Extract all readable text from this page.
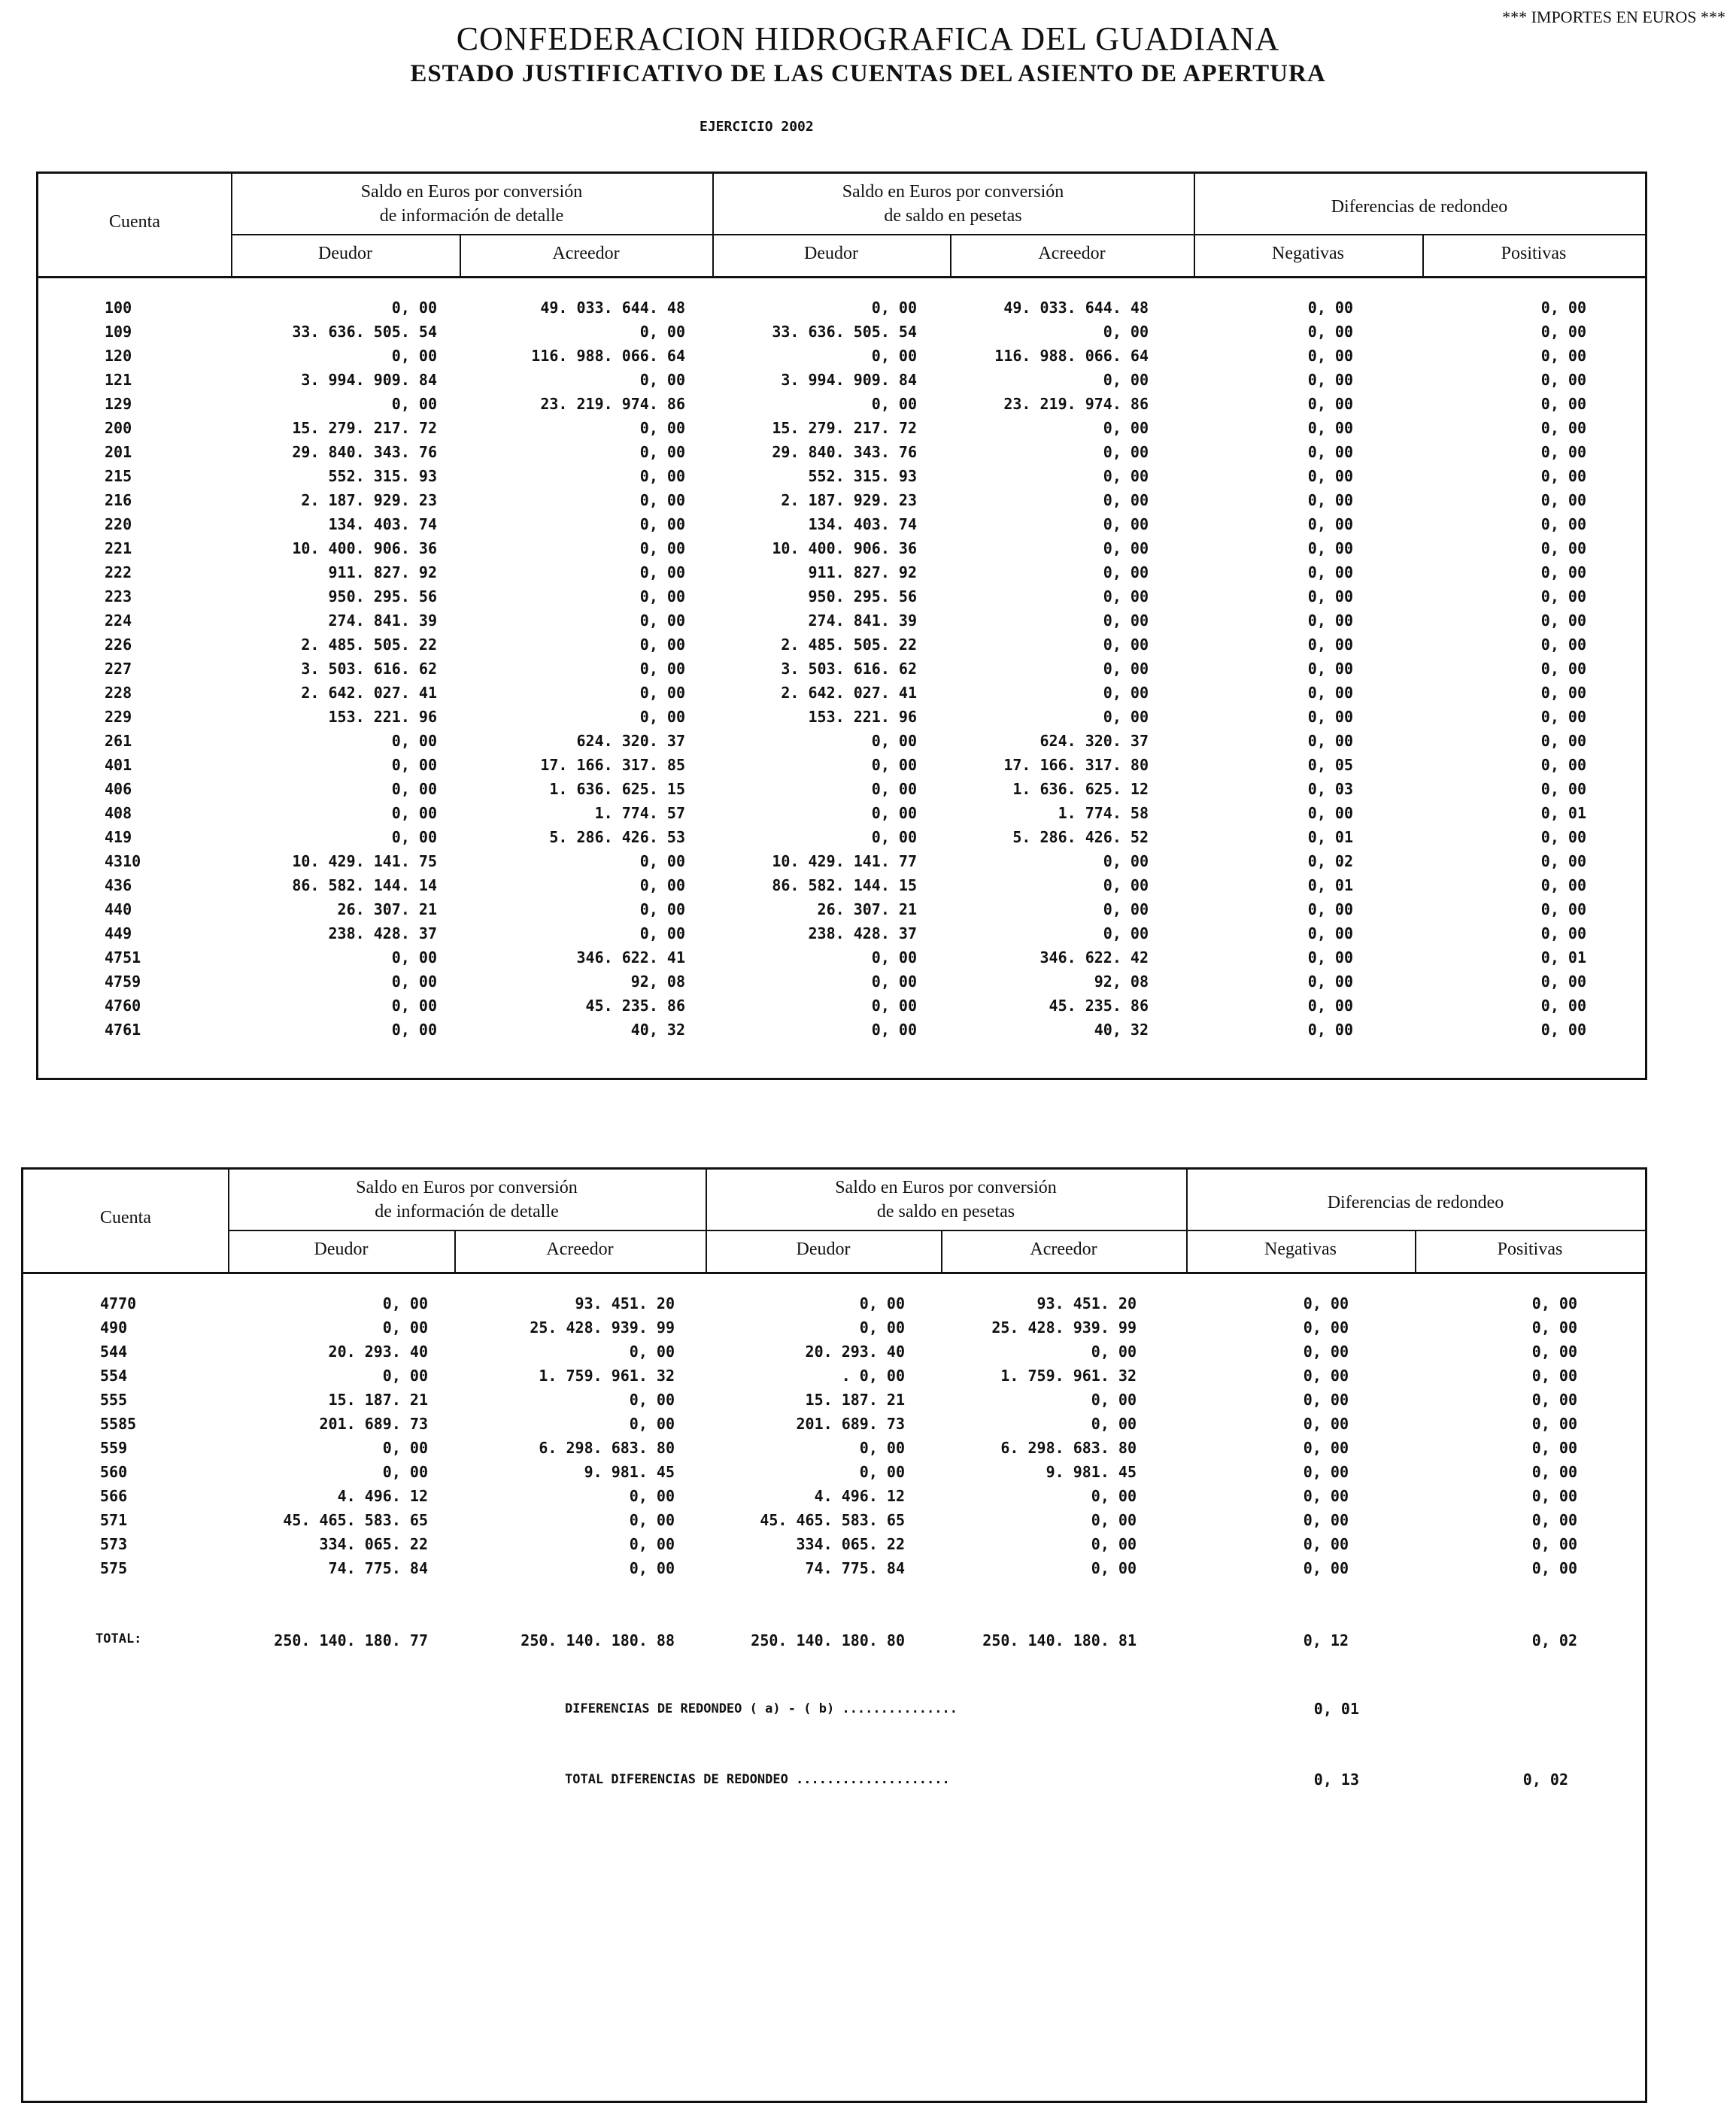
*** IMPORTES EN EUROS ***
CONFEDERACION HIDROGRAFICA DEL GUADIANA
ESTADO JUSTIFICATIVO DE LAS CUENTAS DEL ASIENTO DE APERTURA
EJERCICIO 2002
Cuenta
Saldo en Euros por conversión
de información de detalle
Saldo en Euros por conversión
de saldo en pesetas	Diferencias de redondeo
Deudor	Acreedor	Deudor	Acreedor	Negativas	Positivas
100	0, 00	49. 033. 644. 48	0, 00	49. 033. 644. 48	0, 00	0, 00
109	33. 636. 505. 54	0, 00	33. 636. 505. 54	0, 00	0, 00	0, 00
120	0, 00	116. 988. 066. 64	0, 00	116. 988. 066. 64	0, 00	0, 00
121	3. 994. 909. 84	0, 00	3. 994. 909. 84	0, 00	0, 00	0, 00
129	0, 00	23. 219. 974. 86	0, 00	23. 219. 974. 86	0, 00	0, 00
200	15. 279. 217. 72	0, 00	15. 279. 217. 72	0, 00	0, 00	0, 00
201	29. 840. 343. 76	0, 00	29. 840. 343. 76	0, 00	0, 00	0, 00
215	552. 315. 93	0, 00	552. 315. 93	0, 00	0, 00	0, 00
216	2. 187. 929. 23	0, 00	2. 187. 929. 23	0, 00	0, 00	0, 00
220	134. 403. 74	0, 00	134. 403. 74	0, 00	0, 00	0, 00
221	10. 400. 906. 36	0, 00	10. 400. 906. 36	0, 00	0, 00	0, 00
222	911. 827. 92	0, 00	911. 827. 92	0, 00	0, 00	0, 00
223	950. 295. 56	0, 00	950. 295. 56	0, 00	0, 00	0, 00
224	274. 841. 39	0, 00	274. 841. 39	0, 00	0, 00	0, 00
226	2. 485. 505. 22	0, 00	2. 485. 505. 22	0, 00	0, 00	0, 00
227	3. 503. 616. 62	0, 00	3. 503. 616. 62	0, 00	0, 00	0, 00
228	2. 642. 027. 41	0, 00	2. 642. 027. 41	0, 00	0, 00	0, 00
229	153. 221. 96	0, 00	153. 221. 96	0, 00	0, 00	0, 00
261	0, 00	624. 320. 37	0, 00	624. 320. 37	0, 00	0, 00
401	0, 00	17. 166. 317. 85	0, 00	17. 166. 317. 80	0, 05	0, 00
406	0, 00	1. 636. 625. 15	0, 00	1. 636. 625. 12	0, 03	0, 00
408	0, 00	1. 774. 57	0, 00	1. 774. 58	0, 00	0, 01
419	0, 00	5. 286. 426. 53	0, 00	5. 286. 426. 52	0, 01	0, 00
4310	10. 429. 141. 75	0, 00	10. 429. 141. 77	0, 00	0, 02	0, 00
436	86. 582. 144. 14	0, 00	86. 582. 144. 15	0, 00	0, 01	0, 00
440	26. 307. 21	0, 00	26. 307. 21	0, 00	0, 00	0, 00
449	238. 428. 37	0, 00	238. 428. 37	0, 00	0, 00	0, 00
4751	0, 00	346. 622. 41	0, 00	346. 622. 42	0, 00	0, 01
4759	0, 00	92, 08	0, 00	92, 08	0, 00	0, 00
4760	0, 00	45. 235. 86	0, 00	45. 235. 86	0, 00	0, 00
4761	0, 00	40, 32	0, 00	40, 32	0, 00	0, 00
Cuenta
Saldo en Euros por conversión
de información de detalle
Saldo en Euros por conversión
de saldo en pesetas	Diferencias de redondeo
Deudor	Acreedor	Deudor	Acreedor	Negativas	Positivas
4770	0, 00	93. 451. 20	0, 00	93. 451. 20	0, 00	0, 00
490	0, 00	25. 428. 939. 99	0, 00	25. 428. 939. 99	0, 00	0, 00
544	20. 293. 40	0, 00	20. 293. 40	0, 00	0, 00	0, 00
554	0, 00	1. 759. 961. 32	. 0, 00	1. 759. 961. 32	0, 00	0, 00
555	15. 187. 21	0, 00	15. 187. 21	0, 00	0, 00	0, 00
5585	201. 689. 73	0, 00	201. 689. 73	0, 00	0, 00	0, 00
559	0, 00	6. 298. 683. 80	0, 00	6. 298. 683. 80	0, 00	0, 00
560	0, 00	9. 981. 45	0, 00	9. 981. 45	0, 00	0, 00
566	4. 496. 12	0, 00	4. 496. 12	0, 00	0, 00	0, 00
571	45. 465. 583. 65	0, 00	45. 465. 583. 65	0, 00	0, 00	0, 00
573	334. 065. 22	0, 00	334. 065. 22	0, 00	0, 00	0, 00
575	74. 775. 84	0, 00	74. 775. 84	0, 00	0, 00	0, 00
TOTAL:	250. 140. 180. 77	250. 140. 180. 88	250. 140. 180. 80	250. 140. 180. 81	0, 12	0, 02
DIFERENCIAS DE REDONDEO ( a) - ( b) ...............	0, 01
TOTAL DIFERENCIAS DE REDONDEO ....................	0, 13	0, 02
